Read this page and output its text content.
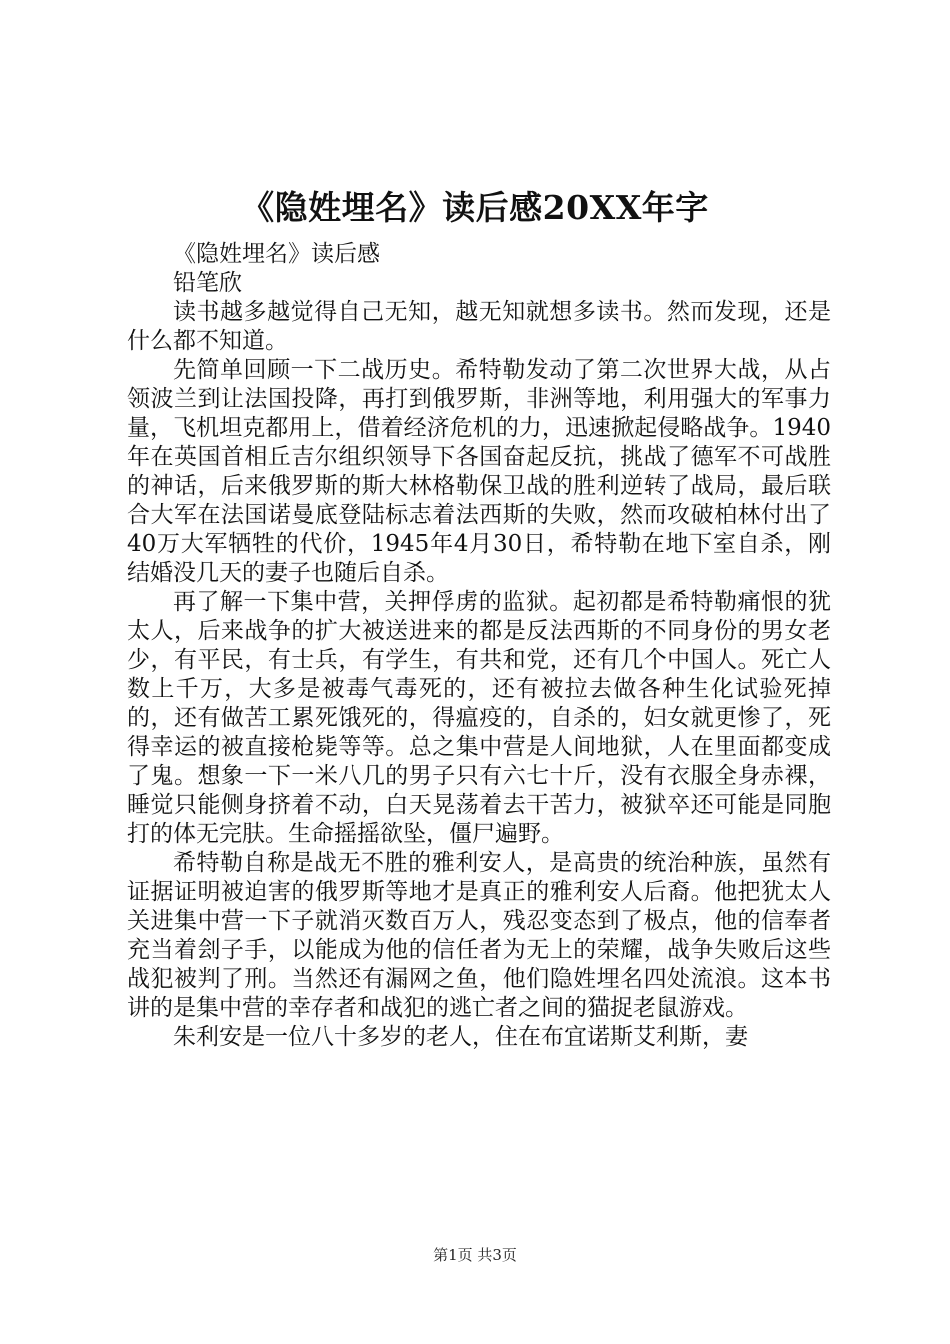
《隐姓埋名》读后感20XX年字

《隐姓埋名》读后感

铅笔欣

读书越多越觉得自己无知，越无知就想多读书。然而发现，还是什么都不知道。

先简单回顾一下二战历史。希特勒发动了第二次世界大战，从占领波兰到让法国投降，再打到俄罗斯，非洲等地，利用强大的军事力量，飞机坦克都用上，借着经济危机的力，迅速掀起侵略战争。1940年在英国首相丘吉尔组织领导下各国奋起反抗，挑战了德军不可战胜的神话，后来俄罗斯的斯大林格勒保卫战的胜利逆转了战局，最后联合大军在法国诺曼底登陆标志着法西斯的失败，然而攻破柏林付出了40万大军牺牲的代价，1945年4月30日，希特勒在地下室自杀，刚结婚没几天的妻子也随后自杀。

再了解一下集中营，关押俘虏的监狱。起初都是希特勒痛恨的犹太人，后来战争的扩大被送进来的都是反法西斯的不同身份的男女老少，有平民，有士兵，有学生，有共和党，还有几个中国人。死亡人数上千万，大多是被毒气毒死的，还有被拉去做各种生化试验死掉的，还有做苦工累死饿死的，得瘟疫的，自杀的，妇女就更惨了，死得幸运的被直接枪毙等等。总之集中营是人间地狱，人在里面都变成了鬼。想象一下一米八几的男子只有六七十斤，没有衣服全身赤裸，睡觉只能侧身挤着不动，白天晃荡着去干苦力，被狱卒还可能是同胞打的体无完肤。生命摇摇欲坠，僵尸遍野。

希特勒自称是战无不胜的雅利安人，是高贵的统治种族，虽然有证据证明被迫害的俄罗斯等地才是真正的雅利安人后裔。他把犹太人关进集中营一下子就消灭数百万人，残忍变态到了极点，他的信奉者充当着刽子手，以能成为他的信任者为无上的荣耀，战争失败后这些战犯被判了刑。当然还有漏网之鱼，他们隐姓埋名四处流浪。这本书讲的是集中营的幸存者和战犯的逃亡者之间的猫捉老鼠游戏。

朱利安是一位八十多岁的老人，住在布宜诺斯艾利斯，妻

第1页 共3页
